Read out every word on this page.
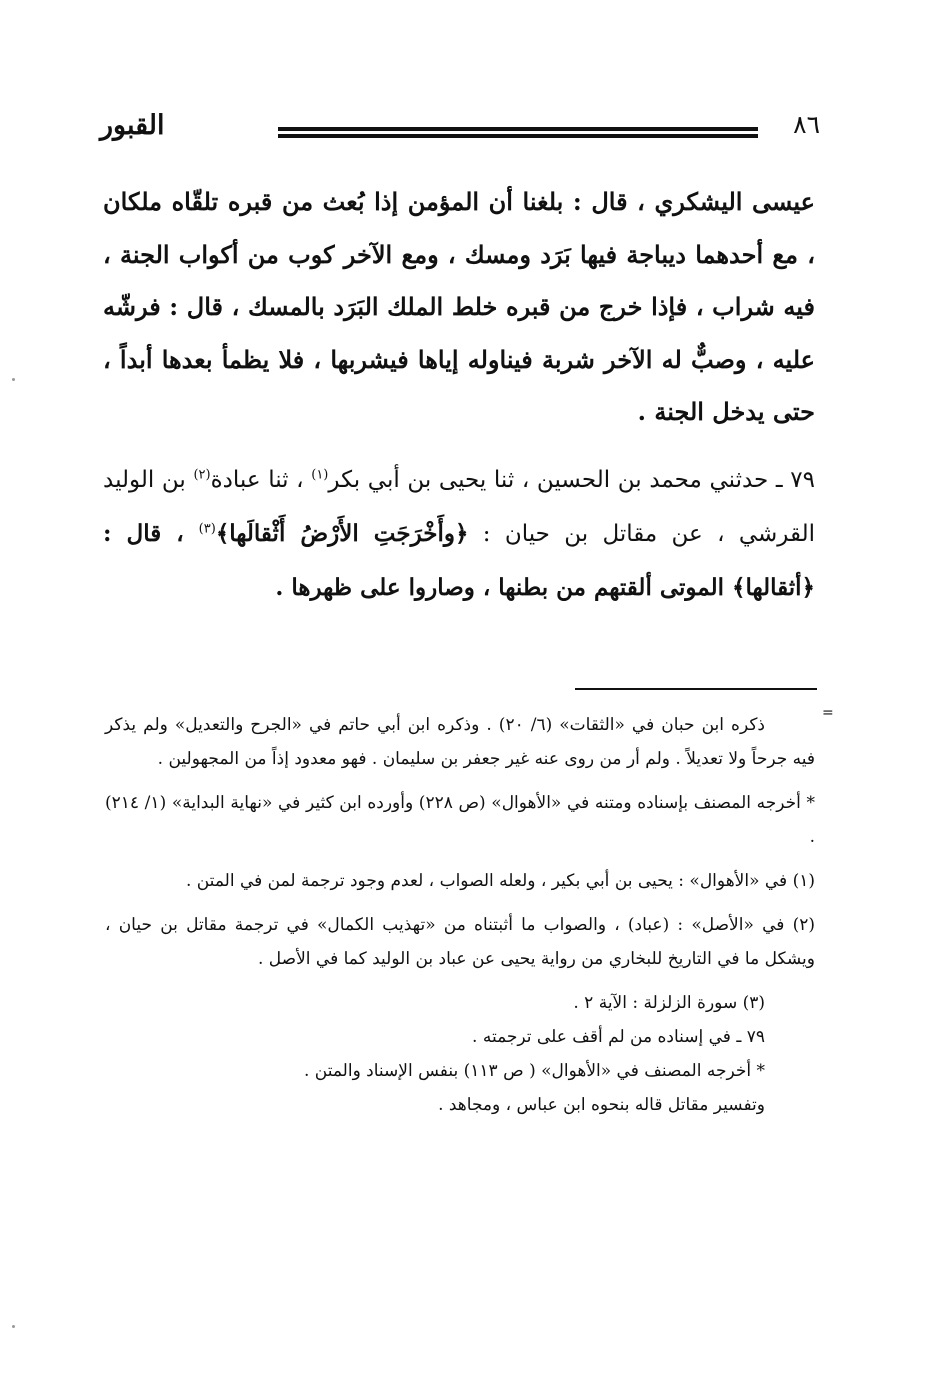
القبور	٨٦

عيسى اليشكري ، قال : بلغنا أن المؤمن إذا بُعث من قبره تلقّاه ملكان ، مع أحدهما ديباجة فيها بَرَد ومسك ، ومع الآخر كوب من أكواب الجنة ، فيه شراب ، فإذا خرج من قبره خلط الملك البَرَد بالمسك ، قال : فرشّه عليه ، وصبٌّ له الآخر شربة فيناوله إياها فيشربها ، فلا يظمأ بعدها أبداً ، حتى يدخل الجنة .

٧٩ ـ حدثني محمد بن الحسين ، ثنا يحيى بن أبي بكر$^{(١)}$ ، ثنا عبادة$^{(٢)}$ بن الوليد القرشي ، عن مقاتل بن حيان : ﴿وأَخْرَجَتِ الأَرْضُ أَثْقالَها﴾$^{(٣)}$ ، قال : ﴿أثقالها﴾ الموتى ألقتهم من بطنها ، وصاروا على ظهرها .

=

ذكره ابن حبان في «الثقات» (٦/ ٢٠) . وذكره ابن أبي حاتم في «الجرح والتعديل» ولم يذكر فيه جرحاً ولا تعديلاً . ولم أر من روى عنه غير جعفر بن سليمان . فهو معدود إذاً من المجهولين .

* أخرجه المصنف بإسناده ومتنه في «الأهوال» (ص ٢٢٨) وأورده ابن كثير في «نهاية البداية» (١/ ٢١٤) .

(١) في «الأهوال» : يحيى بن أبي بكير ، ولعله الصواب ، لعدم وجود ترجمة لمن في المتن .

(٢) في «الأصل» : (عباد) ، والصواب ما أثبتناه من «تهذيب الكمال» في ترجمة مقاتل بن حيان ، ويشكل ما في التاريخ للبخاري من رواية يحيى عن عباد بن الوليد كما في الأصل .

(٣) سورة الزلزلة : الآية ٢ .

٧٩ ـ في إسناده من لم أقف على ترجمته .

* أخرجه المصنف في «الأهوال» ( ص ١١٣) بنفس الإسناد والمتن .

وتفسير مقاتل قاله بنحوه ابن عباس ، ومجاهد .
